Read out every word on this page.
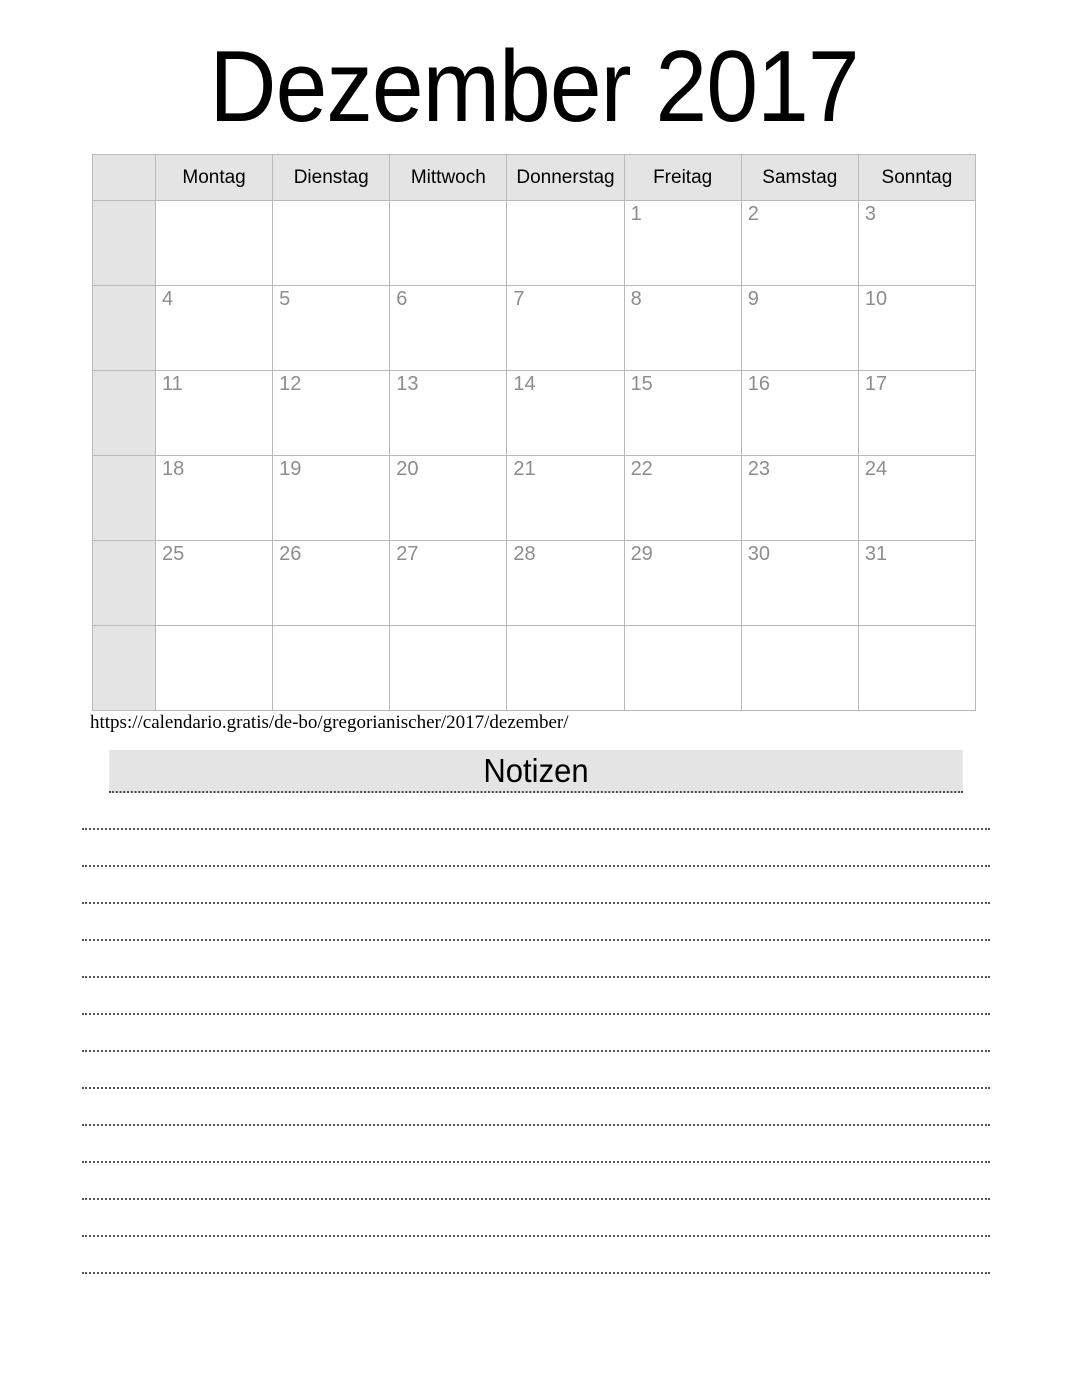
Dezember 2017
	Montag	Dienstag	Mittwoch	Donnerstag	Freitag	Samstag	Sonntag

					1	2	3

	4	5	6	7	8	9	10

	11	12	13	14	15	16	17

	18	19	20	21	22	23	24

	25	26	27	28	29	30	31

https://calendario.gratis/de-bo/gregorianischer/2017/dezember/
Notizen
